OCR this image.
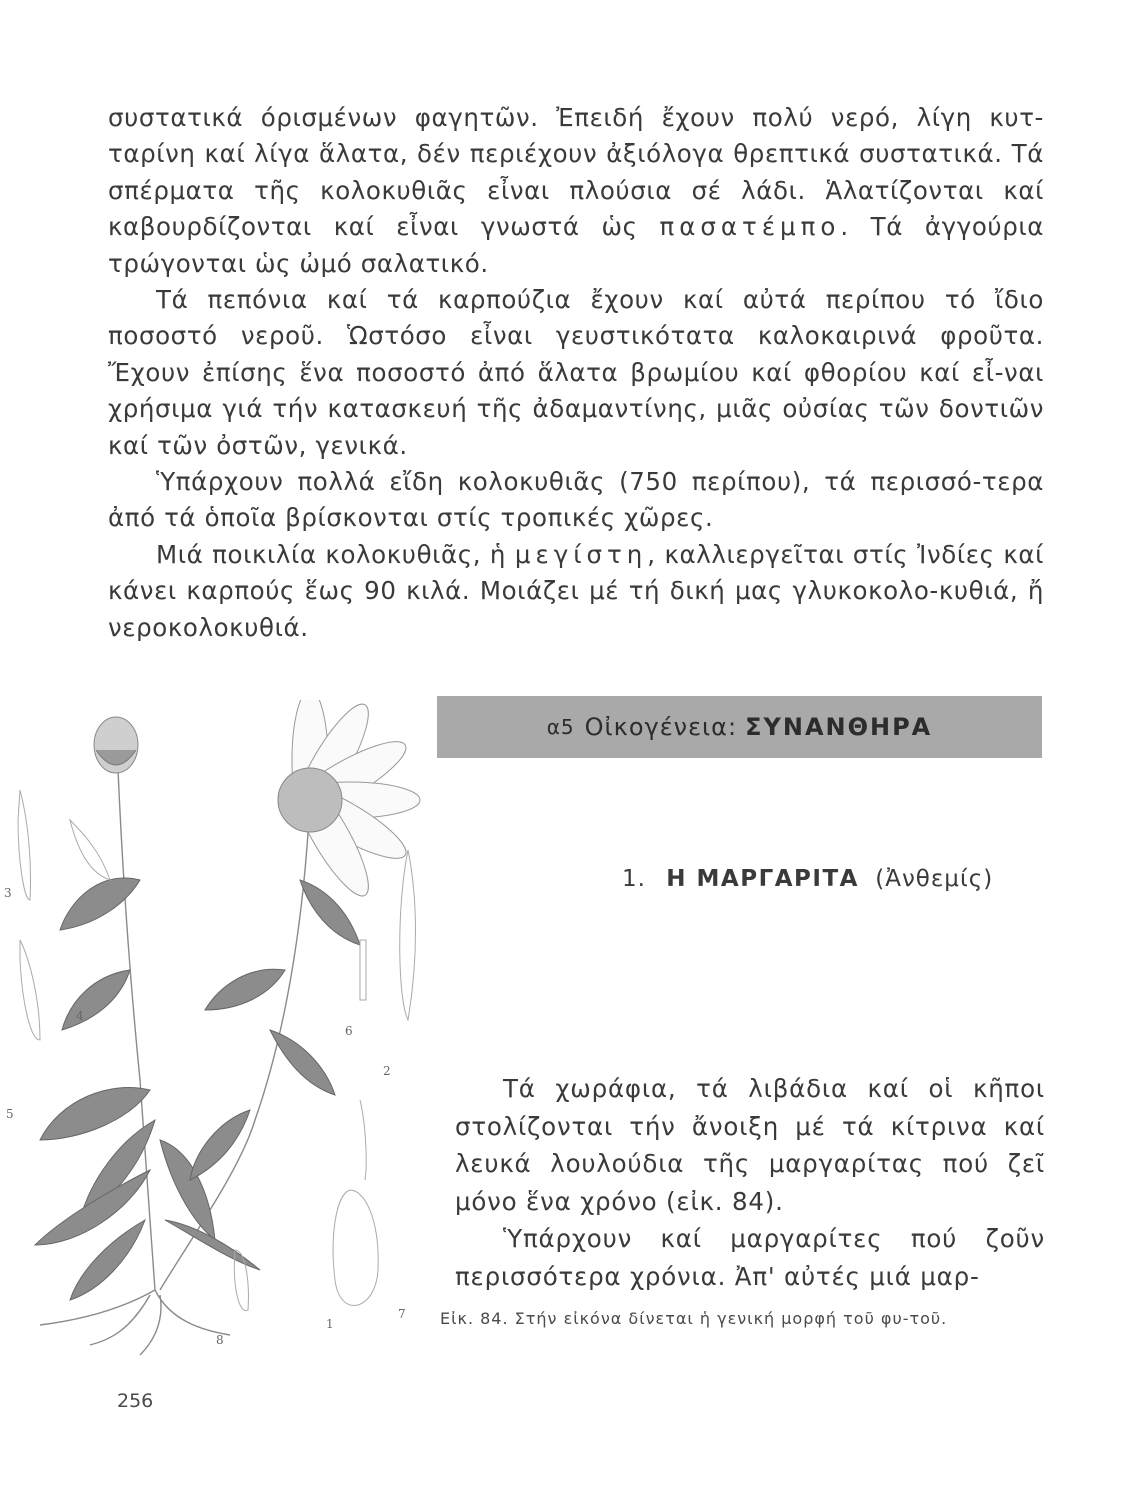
συστατικά όρισμένων φαγητῶν. Ἐπειδή ἔχουν πολύ νερό, λίγη κυτ-ταρίνη καί λίγα ἅλατα, δέν περιέχουν ἀξιόλογα θρεπτικά συστατικά. Τά σπέρματα τῆς κολοκυθιᾶς εἶναι πλούσια σέ λάδι. Ἁλατίζονται καί καβουρδίζονται καί εἶναι γνωστά ὡς πασατέμπο. Τά ἀγγούρια τρώγονται ὡς ὠμό σαλατικό.

Τά πεπόνια καί τά καρπούζια ἔχουν καί αὐτά περίπου τό ἴδιο ποσοστό νεροῦ. Ὡστόσο εἶναι γευστικότατα καλοκαιρινά φροῦτα. Ἔχουν ἐπίσης ἕνα ποσοστό ἀπό ἅλατα βρωμίου καί φθορίου καί εἶ-ναι χρήσιμα γιά τήν κατασκευή τῆς ἀδαμαντίνης, μιᾶς οὐσίας τῶν δοντιῶν καί τῶν ὀστῶν, γενικά.

Ὑπάρχουν πολλά εἴδη κολοκυθιᾶς (750 περίπου), τά περισσό-τερα ἀπό τά ὁποῖα βρίσκονται στίς τροπικές χῶρες.

Μιά ποικιλία κολοκυθιᾶς, ἡ μεγίστη, καλλιεργεῖται στίς Ἰνδίες καί κάνει καρπούς ἕως 90 κιλά. Μοιάζει μέ τή δική μας γλυκοκολο-κυθιά, ἤ νεροκολοκυθιά.

α5 Οἰκογένεια: ΣΥΝΑΝΘΗΡΑ
1. Η ΜΑΡΓΑΡΙΤΑ (Ἀνθεμίς)
3
4
5
6
2
1
8
7

Τά χωράφια, τά λιβάδια καί οἱ κῆποι στολίζονται τήν ἄνοιξη μέ τά κίτρινα καί λευκά λουλούδια τῆς μαργαρίτας πού ζεῖ μόνο ἕνα χρόνο (εἰκ. 84).

Ὑπάρχουν καί μαργαρίτες πού ζοῦν περισσότερα χρόνια. Ἀπ' αὐτές μιά μαρ-

Εἰκ. 84. Στήν εἰκόνα δίνεται ἡ γενική μορφή τοῦ φυ-τοῦ.
256
